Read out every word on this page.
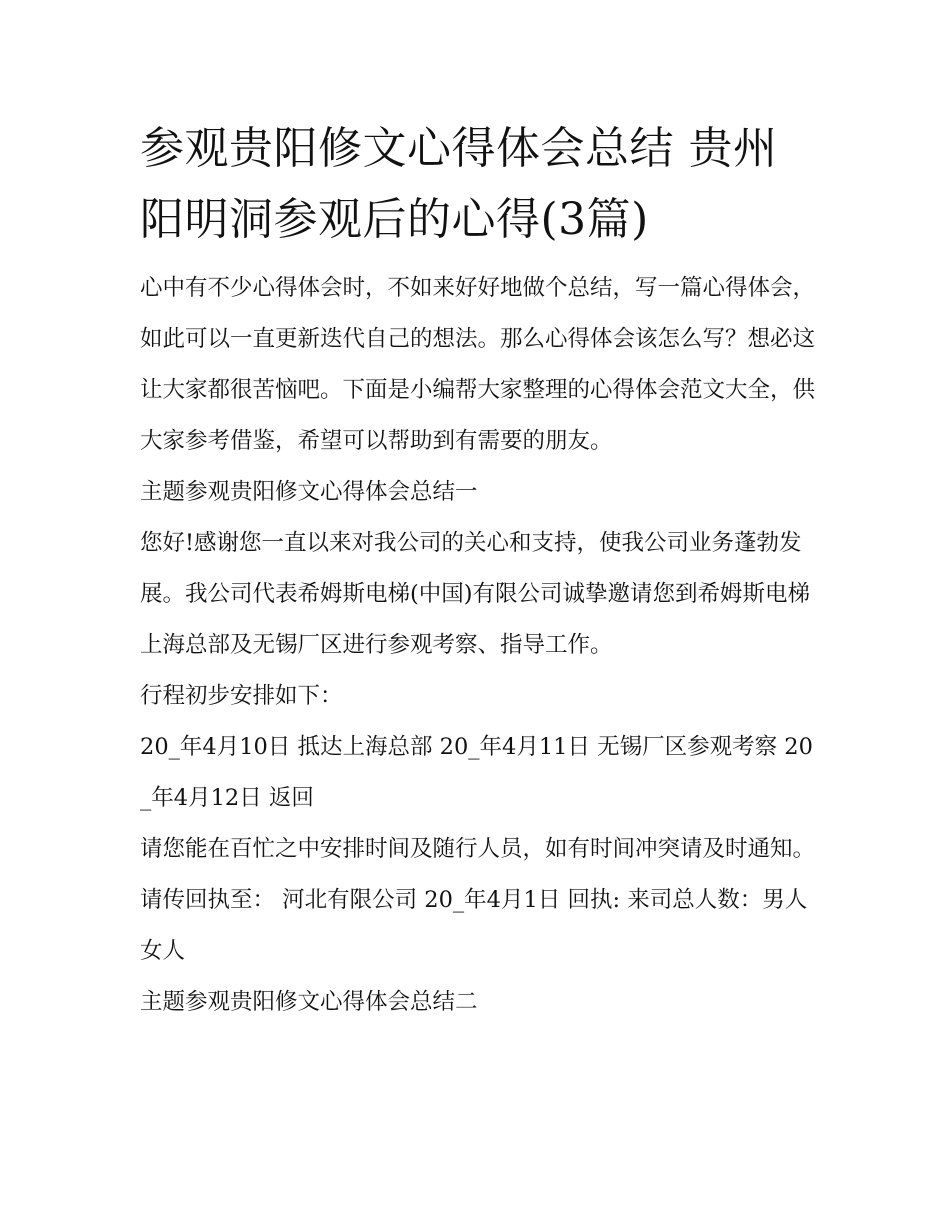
参观贵阳修文心得体会总结 贵州阳明洞参观后的心得(3篇)

心中有不少心得体会时，不如来好好地做个总结，写一篇心得体会，如此可以一直更新迭代自己的想法。那么心得体会该怎么写？想必这让大家都很苦恼吧。下面是小编帮大家整理的心得体会范文大全，供大家参考借鉴，希望可以帮助到有需要的朋友。

主题参观贵阳修文心得体会总结一

您好!感谢您一直以来对我公司的关心和支持，使我公司业务蓬勃发展。我公司代表希姆斯电梯(中国)有限公司诚挚邀请您到希姆斯电梯上海总部及无锡厂区进行参观考察、指导工作。

行程初步安排如下：

20_年4月10日 抵达上海总部 20_年4月11日 无锡厂区参观考察 20_年4月12日 返回

请您能在百忙之中安排时间及随行人员，如有时间冲突请及时通知。 请传回执至： 河北有限公司 20_年4月1日 回执: 来司总人数：男人 女人

主题参观贵阳修文心得体会总结二
